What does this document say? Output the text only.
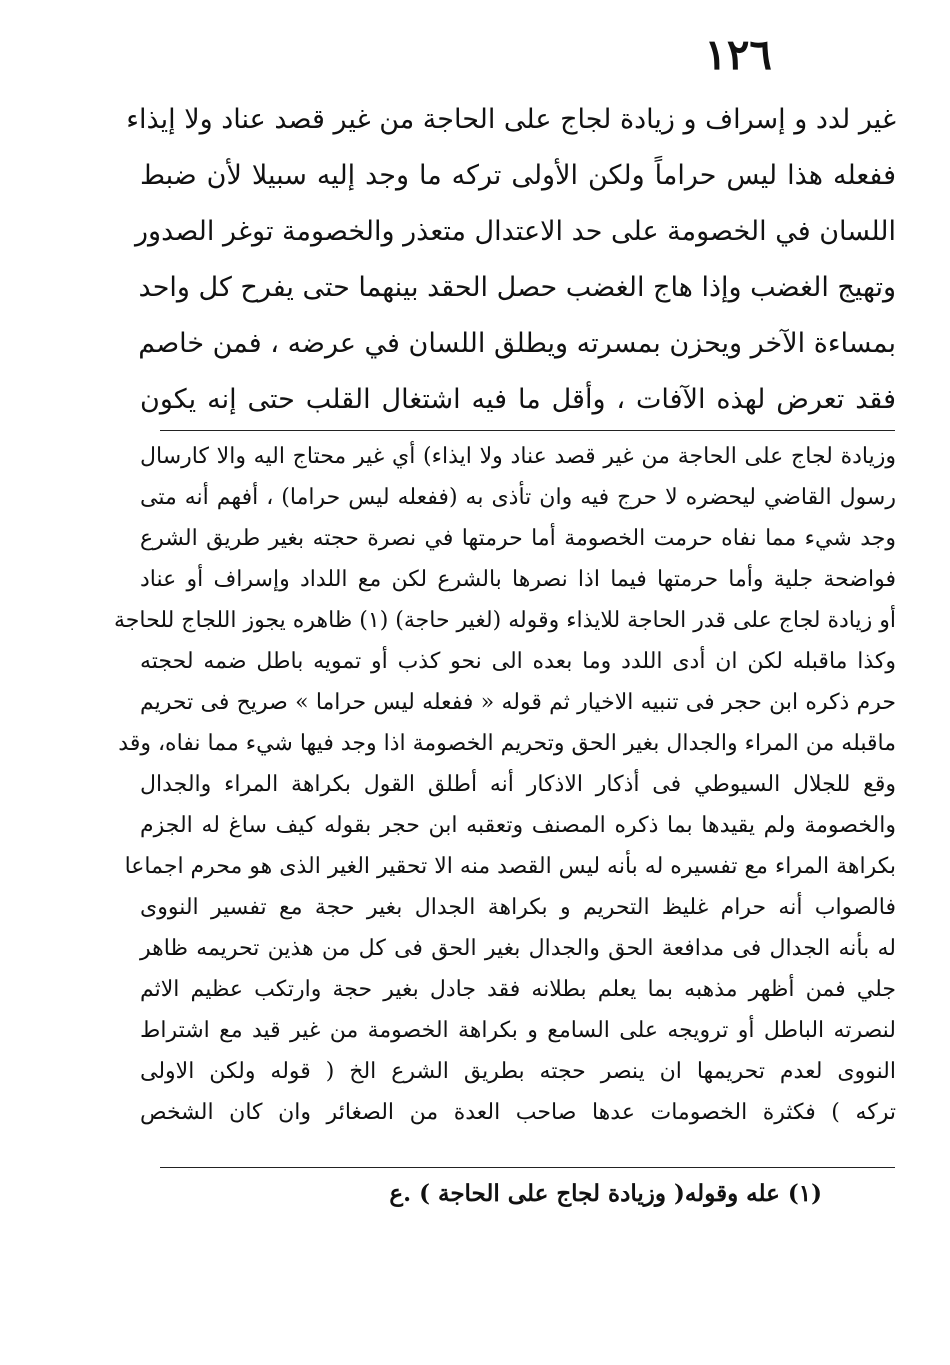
١٢٦
غير لدد و إسراف و زيادة لجاج على الحاجة من غير قصد عناد ولا إيذاء
ففعله هذا ليس حراماً ولكن الأولى تركه ما وجد إليه سبيلا لأن ضبط
اللسان في الخصومة على حد الاعتدال متعذر والخصومة توغر الصدور
وتهيج الغضب وإذا هاج الغضب حصل الحقد بينهما حتى يفرح كل واحد
بمساءة الآخر ويحزن بمسرته ويطلق اللسان في عرضه ، فمن خاصم
فقد تعرض لهذه الآفات ، وأقل ما فيه اشتغال القلب حتى إنه يكون
وزيادة لجاج على الحاجة من غير قصد عناد ولا ايذاء) أي غير محتاج اليه والا كارسال
رسول القاضي ليحضره لا حرج فيه وان تأذى به (ففعله ليس حراما) ، أفهم أنه متى
وجد شيء مما نفاه حرمت الخصومة أما حرمتها في نصرة حجته بغير طريق الشرع
فواضحة جلية وأما حرمتها فيما اذا نصرها بالشرع لكن مع اللداد وإسراف أو عناد
أو زيادة لجاج على قدر الحاجة للايذاء وقوله (لغير حاجة) (١) ظاهره يجوز اللجاج للحاجة
وكذا ماقبله لكن ان أدى اللدد وما بعده الى نحو كذب أو تمويه باطل ضمه لحجته
حرم ذكره ابن حجر فى تنبيه الاخيار ثم قوله « ففعله ليس حراما » صريح فى تحريم
ماقبله من المراء والجدال بغير الحق وتحريم الخصومة اذا وجد فيها شيء مما نفاه، وقد
وقع للجلال السيوطي فى أذكار الاذكار أنه أطلق القول بكراهة المراء والجدال
والخصومة ولم يقيدها بما ذكره المصنف وتعقبه ابن حجر بقوله كيف ساغ له الجزم
بكراهة المراء مع تفسيره له بأنه ليس القصد منه الا تحقير الغير الذى هو محرم اجماعا
فالصواب أنه حرام غليظ التحريم و بكراهة الجدال بغير حجة مع تفسير النووى
له بأنه الجدال فى مدافعة الحق والجدال بغير الحق فى كل من هذين تحريمه ظاهر
جلي فمن أظهر مذهبه بما يعلم بطلانه فقد جادل بغير حجة وارتكب عظيم الاثم
لنصرته الباطل أو ترويجه على السامع و بكراهة الخصومة من غير قيد مع اشتراط
النووى لعدم تحريمها ان ينصر حجته بطريق الشرع الخ ( قوله ولكن الاولى
تركه ) فكثرة الخصومات عدها صاحب العدة من الصغائر وان كان الشخص
(١) عله وقوله( وزيادة لجاج على الحاجة ) .ع
